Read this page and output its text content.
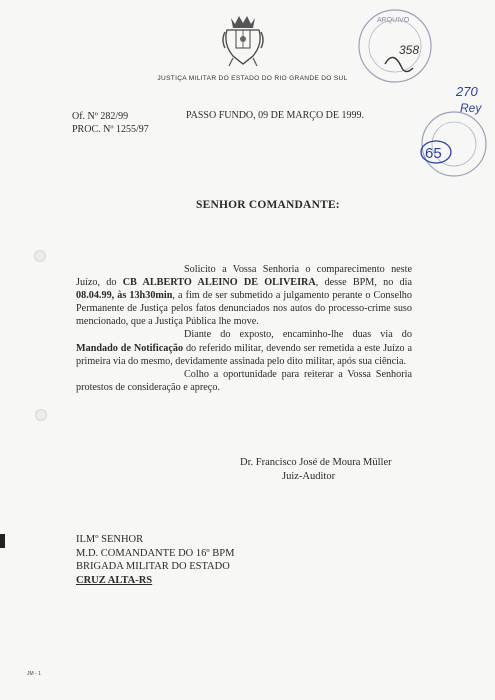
JUSTIÇA MILITAR DO ESTADO DO RIO GRANDE DO SUL
ARQUIVO
358
270
Rey
65
Of. Nº 282/99
PROC. Nº 1255/97
PASSO FUNDO, 09 DE MARÇO DE 1999.
SENHOR COMANDANTE:

Solicito a Vossa Senhoria o comparecimento neste Juízo, do CB ALBERTO ALEINO DE OLIVEIRA, desse BPM, no dia 08.04.99, às 13h30min, a fim de ser submetido a julgamento perante o Conselho Permanente de Justiça pelos fatos denunciados nos autos do processo-crime suso mencionado, que a Justiça Pública lhe move.

Diante do exposto, encaminho-lhe duas via do Mandado de Notificação do referido militar, devendo ser remetida a este Juízo a primeira via do mesmo, devidamente assinada pelo dito militar, após sua ciência.

Colho a oportunidade para reiterar a Vossa Senhoria protestos de consideração e apreço.

Dr. Francisco José de Moura Müller
Juiz-Auditor
ILMº SENHOR
M.D. COMANDANTE DO 16º BPM
BRIGADA MILITAR DO ESTADO
CRUZ ALTA-RS
JM - 1
